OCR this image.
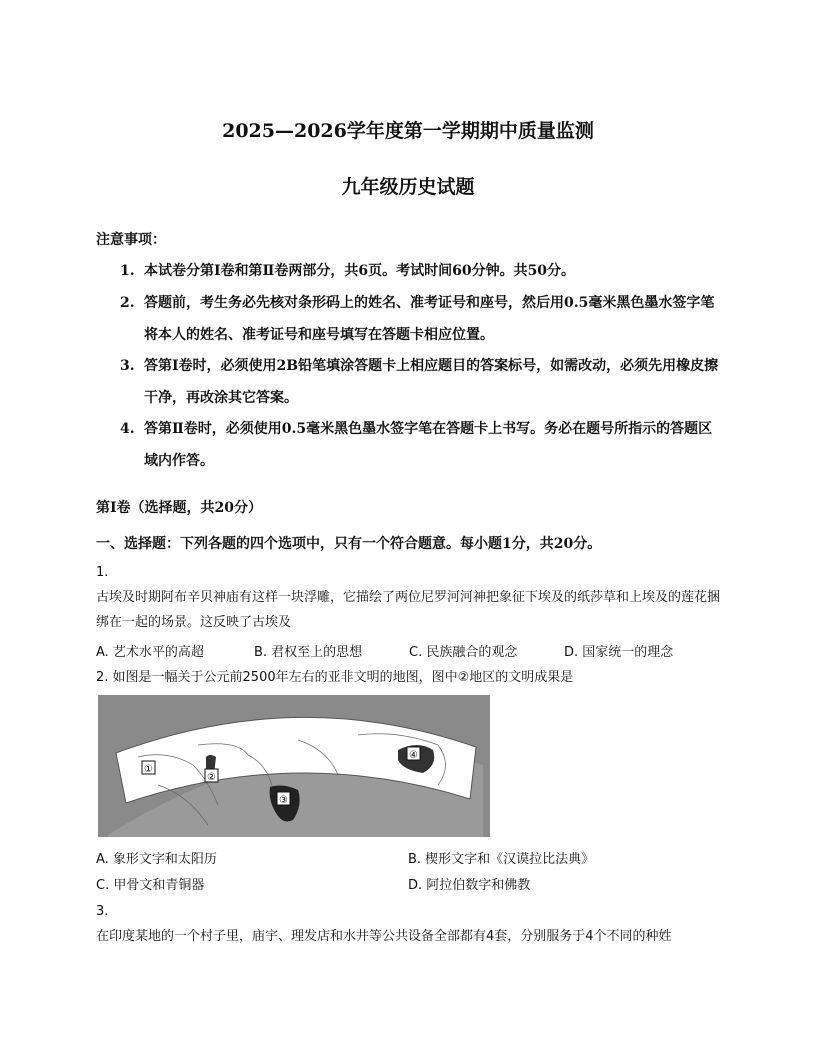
2025—2026学年度第一学期期中质量监测
九年级历史试题
注意事项：
1. 本试卷分第Ⅰ卷和第Ⅱ卷两部分，共6页。考试时间60分钟。共50分。
2. 答题前，考生务必先核对条形码上的姓名、准考证号和座号，然后用0.5毫米黑色墨水签字笔将本人的姓名、准考证号和座号填写在答题卡相应位置。
3. 答第Ⅰ卷时，必须使用2B铅笔填涂答题卡上相应题目的答案标号，如需改动，必须先用橡皮擦干净，再改涂其它答案。
4. 答第Ⅱ卷时，必须使用0.5毫米黑色墨水签字笔在答题卡上书写。务必在题号所指示的答题区域内作答。
第Ⅰ卷（选择题，共20分）
一、选择题：下列各题的四个选项中，只有一个符合题意。每小题1分，共20分。
1.
古埃及时期阿布辛贝神庙有这样一块浮雕，它描绘了两位尼罗河河神把象征下埃及的纸莎草和上埃及的莲花捆绑在一起的场景。这反映了古埃及
A. 艺术水平的高超	B. 君权至上的思想	C. 民族融合的观念	D. 国家统一的理念
2. 如图是一幅关于公元前2500年左右的亚非文明的地图，图中②地区的文明成果是
①
②
③
④
A. 象形文字和太阳历	B. 楔形文字和《汉谟拉比法典》
C. 甲骨文和青铜器	D. 阿拉伯数字和佛教
3.
在印度某地的一个村子里，庙宇、理发店和水井等公共设备全部都有4套，分别服务于4个不同的种姓
